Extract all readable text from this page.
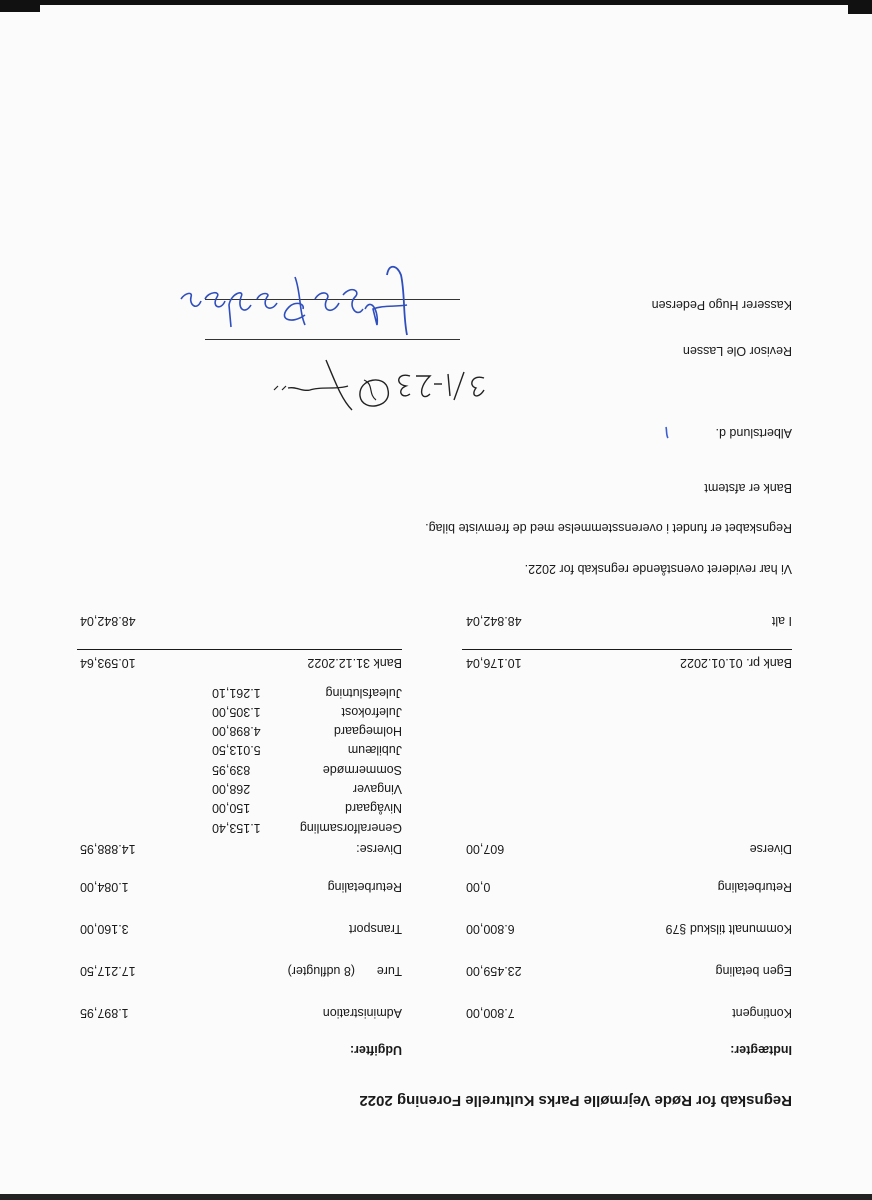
Regnskab for Røde Vejrmølle Parks Kulturelle Forening 2022
Indtægter:
Udgifter:
Kontingent
7.800,00
Egen betaling
23.459,00
Kommunalt tilskud §79
6.800,00
Returbetaling
0,00
Diverse
607,00
Administration
1.897,95
Ture
(8 udflugter)
17.217,50
Transport
3.160,00
Returbetaling
1.084,00
Diverse:
14.888,95
Generalforsamling
1.153,40
Nivågaard
150,00
Vingaver
268,00
Sommermøde
839,95
Jubilæum
5.013,50
Holmegaard
4.898,00
Julefrokost
1.305,00
Juleafslutning
1.261,10
Bank pr. 01.01.2022
10.176,04
Bank 31.12.2022
10.593,64
I alt
48.842,04
48.842,04
Vi har revideret ovenstående regnskab for 2022.
Regnskabet er fundet i overensstemmelse med de fremviste bilag.
Bank er afstemt
Albertslund d.
Revisor Ole Lassen
Kasserer Hugo Pedersen
